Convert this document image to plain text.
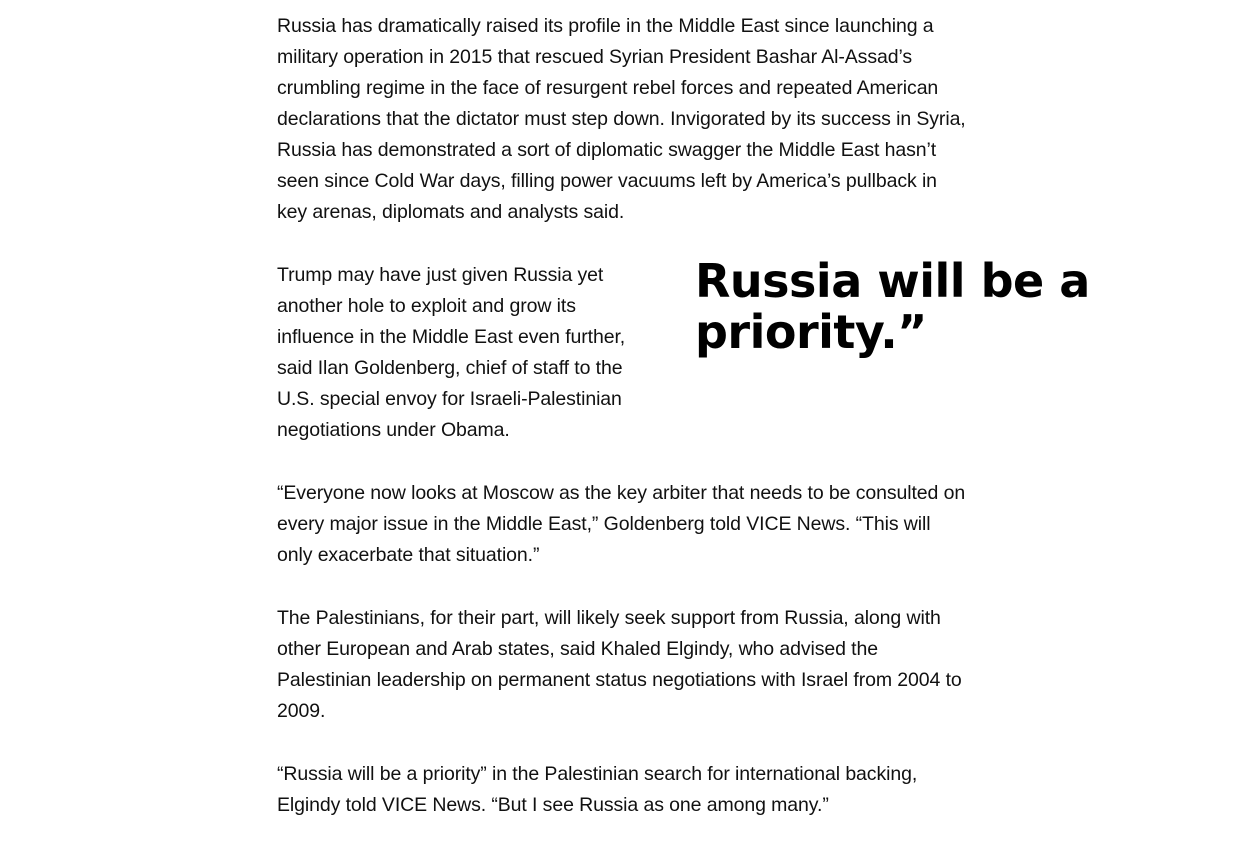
Russia has dramatically raised its profile in the Middle East since launching a military operation in 2015 that rescued Syrian President Bashar Al-Assad’s crumbling regime in the face of resurgent rebel forces and repeated American declarations that the dictator must step down. Invigorated by its success in Syria, Russia has demonstrated a sort of diplomatic swagger the Middle East hasn’t seen since Cold War days, filling power vacuums left by America’s pullback in key arenas, diplomats and analysts said.

Trump may have just given Russia yet another hole to exploit and grow its influence in the Middle East even further, said Ilan Goldenberg, chief of staff to the U.S. special envoy for Israeli-Palestinian negotiations under Obama.

Russia will be a priority.”

“Everyone now looks at Moscow as the key arbiter that needs to be consulted on every major issue in the Middle East,” Goldenberg told VICE News. “This will only exacerbate that situation.”

The Palestinians, for their part, will likely seek support from Russia, along with other European and Arab states, said Khaled Elgindy, who advised the Palestinian leadership on permanent status negotiations with Israel from 2004 to 2009.

“Russia will be a priority” in the Palestinian search for international backing, Elgindy told VICE News. “But I see Russia as one among many.”
